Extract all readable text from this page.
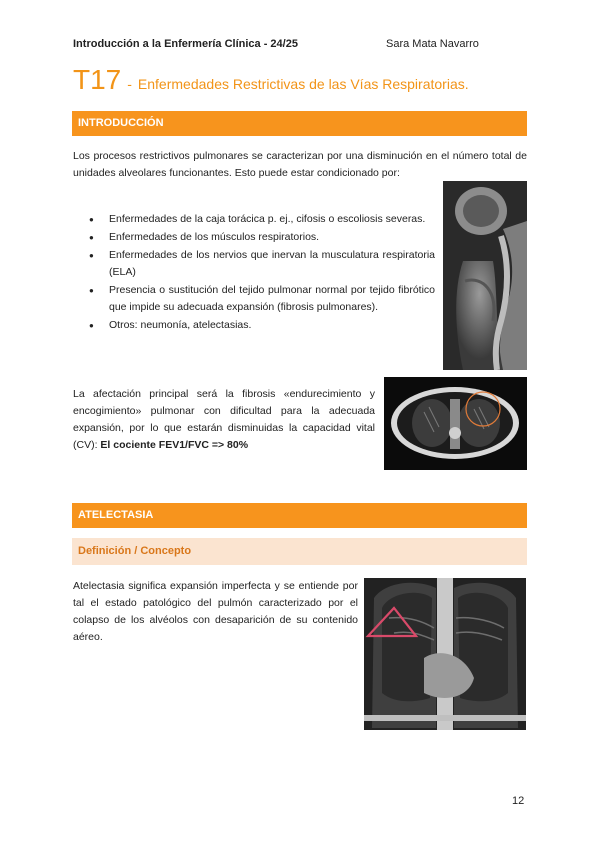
Introducción a la Enfermería Clínica - 24/25	Sara Mata Navarro
T17 - Enfermedades Restrictivas de las Vías Respiratorias.
INTRODUCCIÓN
Los procesos restrictivos pulmonares se caracterizan por una disminución en el número total de unidades alveolares funcionantes. Esto puede estar condicionado por:
● Enfermedades de la caja torácica p. ej., cifosis o escoliosis severas.
● Enfermedades de los músculos respiratorios.
● Enfermedades de los nervios que inervan la musculatura respiratoria (ELA)
● Presencia o sustitución del tejido pulmonar normal por tejido fibrótico que impide su adecuada expansión (fibrosis pulmonares).
● Otros: neumonía, atelectasias.
La afectación principal será la fibrosis «endurecimiento y encogimiento» pulmonar con dificultad para la adecuada expansión, por lo que estarán disminuidas la capacidad vital (CV): El cociente FEV1/FVC => 80%
ATELECTASIA
Definición / Concepto
Atelectasia significa expansión imperfecta y se entiende por tal el estado patológico del pulmón caracterizado por el colapso de los alvéolos con desaparición de su contenido aéreo.
12
